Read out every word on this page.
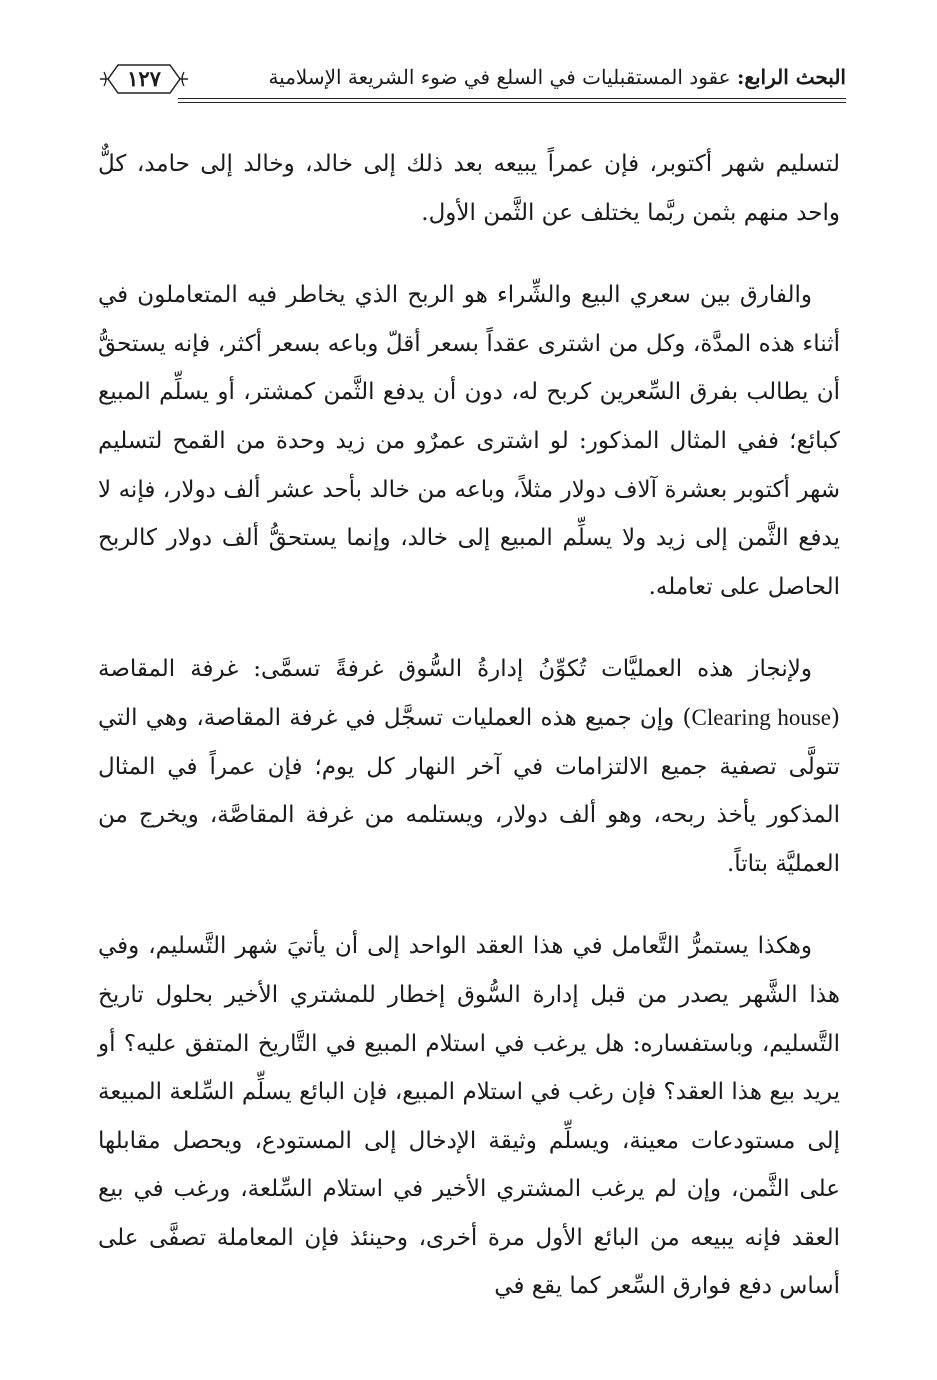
البحث الرابع: عقود المستقبليات في السلع في ضوء الشريعة الإسلامية
١٢٧

لتسليم شهر أكتوبر، فإن عمراً يبيعه بعد ذلك إلى خالد، وخالد إلى حامد، كلٌّ واحد منهم بثمن ربَّما يختلف عن الثَّمن الأول.

والفارق بين سعري البيع والشِّراء هو الربح الذي يخاطر فيه المتعاملون في أثناء هذه المدَّة، وكل من اشترى عقداً بسعر أقلّ وباعه بسعر أكثر، فإنه يستحقُّ أن يطالب بفرق السِّعرين كربح له، دون أن يدفع الثَّمن كمشتر، أو يسلِّم المبيع كبائع؛ ففي المثال المذكور: لو اشترى عمرٌو من زيد وحدة من القمح لتسليم شهر أكتوبر بعشرة آلاف دولار مثلاً، وباعه من خالد بأحد عشر ألف دولار، فإنه لا يدفع الثَّمن إلى زيد ولا يسلِّم المبيع إلى خالد، وإنما يستحقُّ ألف دولار كالربح الحاصل على تعامله.

ولإنجاز هذه العمليَّات تُكوِّنُ إدارةُ السُّوق غرفةً تسمَّى: غرفة المقاصة (Clearing house) وإن جميع هذه العمليات تسجَّل في غرفة المقاصة، وهي التي تتولَّى تصفية جميع الالتزامات في آخر النهار كل يوم؛ فإن عمراً في المثال المذكور يأخذ ربحه، وهو ألف دولار، ويستلمه من غرفة المقاصَّة، ويخرج من العمليَّة بتاتاً.

وهكذا يستمرُّ التَّعامل في هذا العقد الواحد إلى أن يأتيَ شهر التَّسليم، وفي هذا الشَّهر يصدر من قبل إدارة السُّوق إخطار للمشتري الأخير بحلول تاريخ التَّسليم، وباستفساره: هل يرغب في استلام المبيع في التَّاريخ المتفق عليه؟ أو يريد بيع هذا العقد؟ فإن رغب في استلام المبيع، فإن البائع يسلِّم السِّلعة المبيعة إلى مستودعات معينة، ويسلِّم وثيقة الإدخال إلى المستودع، ويحصل مقابلها على الثَّمن، وإن لم يرغب المشتري الأخير في استلام السِّلعة، ورغب في بيع العقد فإنه يبيعه من البائع الأول مرة أخرى، وحينئذ فإن المعاملة تصفَّى على أساس دفع فوارق السِّعر كما يقع في
